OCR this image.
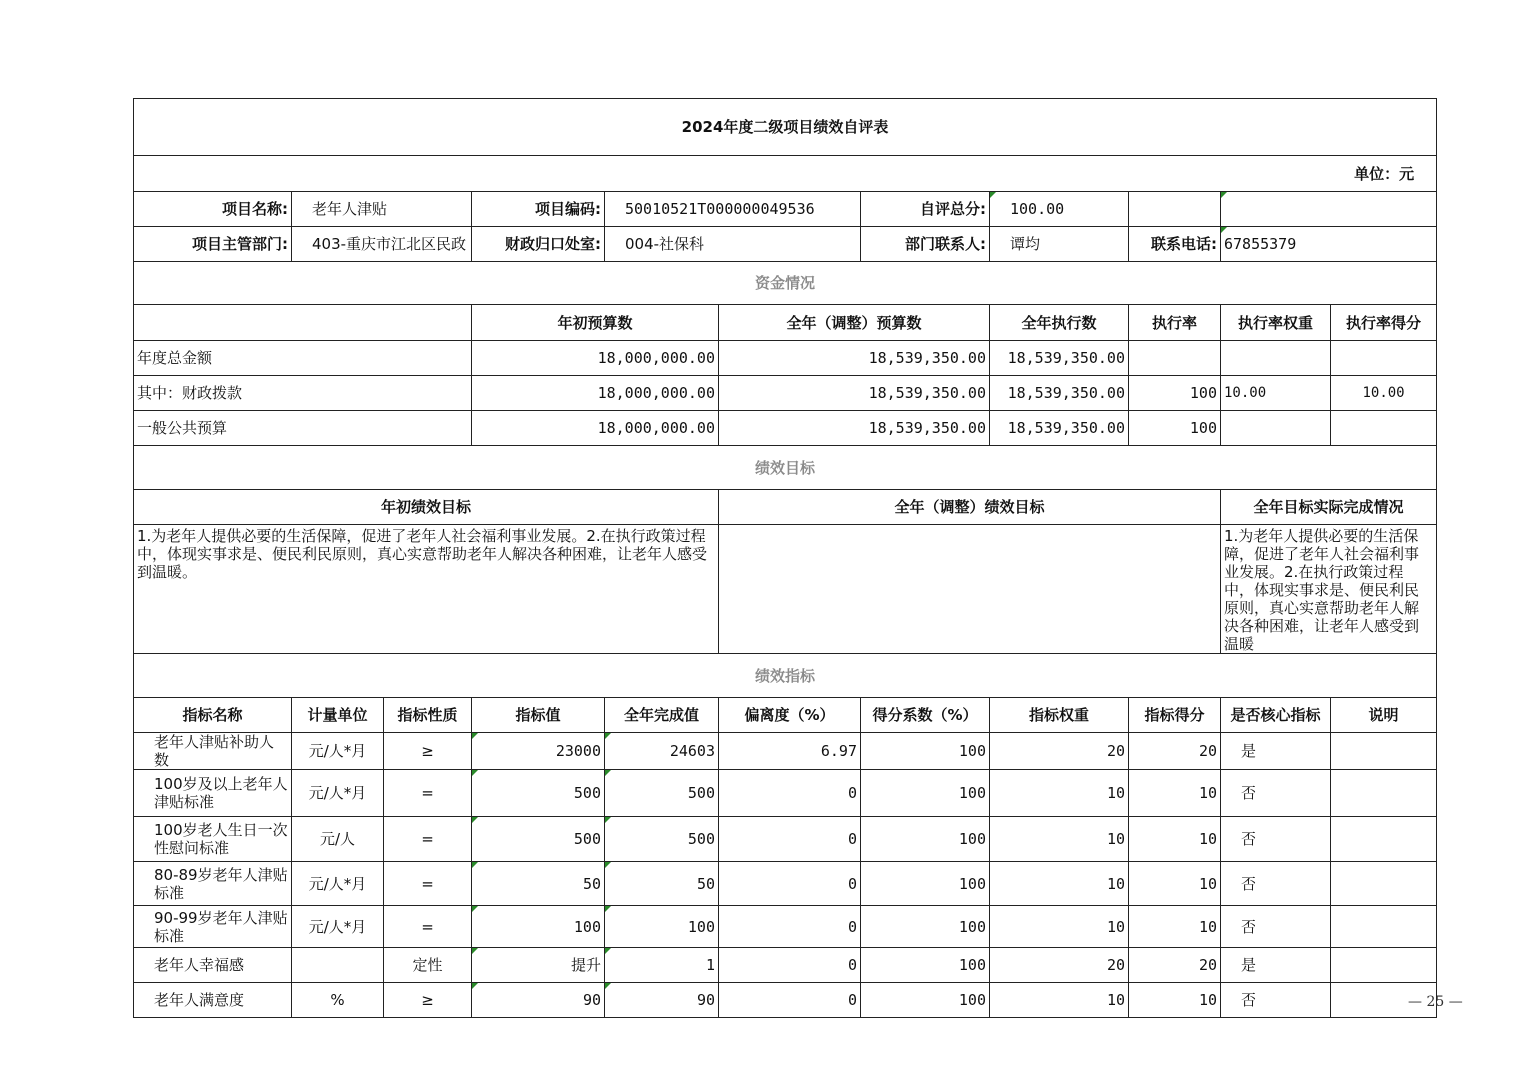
2024年度二级项目绩效自评表										
单位：元										
项目名称:	老年人津贴		项目编码:	50010521T000000049536		自评总分:	100.00			
项目主管部门:	403-重庆市江北区民政		财政归口处室:	004-社保科		部门联系人:	谭均	联系电话:	67855379	
资金情况										
			年初预算数		全年（调整）预算数		全年执行数	执行率	执行率权重	执行率得分
年度总金额			18,000,000.00		18,539,350.00		18,539,350.00			
其中：财政拨款			18,000,000.00		18,539,350.00		18,539,350.00	100	10.00	10.00
一般公共预算			18,000,000.00		18,539,350.00		18,539,350.00	100		
绩效目标										
年初绩效目标					全年（调整）绩效目标				全年目标实际完成情况	
1.为老年人提供必要的生活保障，促进了老年人社会福利事业发展。2.在执行政策过程中，体现实事求是、便民利民原则，真心实意帮助老年人解决各种困难，让老年人感受到温暖。									1.为老年人提供必要的生活保障，促进了老年人社会福利事业发展。2.在执行政策过程中，体现实事求是、便民利民原则，真心实意帮助老年人解决各种困难，让老年人感受到温暖	
绩效指标										
指标名称	计量单位	指标性质	指标值	全年完成值	偏离度（%）	得分系数（%）	指标权重	指标得分	是否核心指标	说明
老年人津贴补助人数	元/人*月	≥	23000	24603	6.97	100	20	20	是	
100岁及以上老年人津贴标准	元/人*月	=	500	500	0	100	10	10	否	
100岁老人生日一次性慰问标准	元/人	=	500	500	0	100	10	10	否	
80-89岁老年人津贴标准	元/人*月	=	50	50	0	100	10	10	否	
90-99岁老年人津贴标准	元/人*月	=	100	100	0	100	10	10	否	
老年人幸福感		定性	提升	1	0	100	20	20	是	
老年人满意度	%	≥	90	90	0	100	10	10	否		— 25 —
